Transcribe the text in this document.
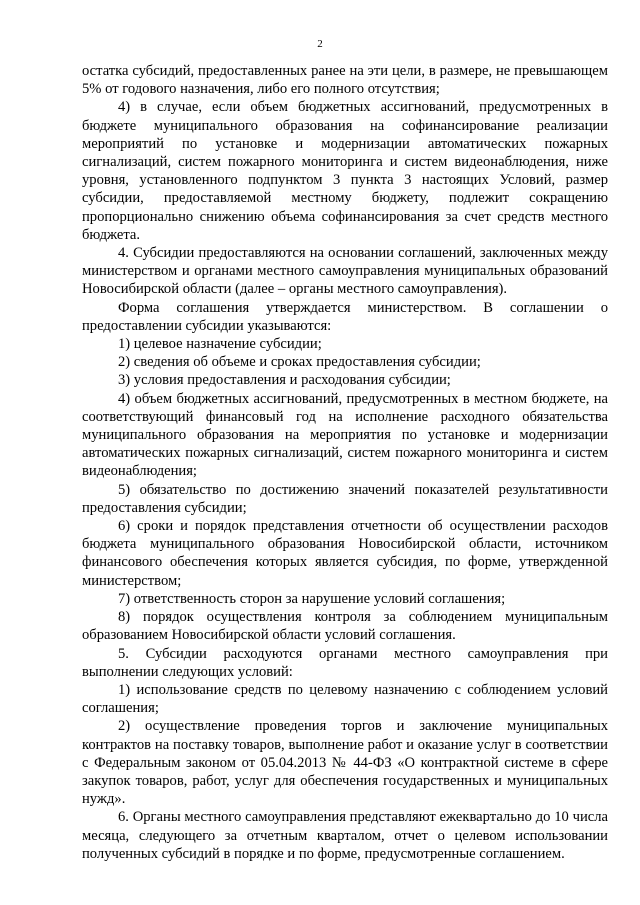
2

остатка субсидий, предоставленных ранее на эти цели, в размере, не превышающем 5% от годового назначения, либо его полного отсутствия;

4) в случае, если объем бюджетных ассигнований, предусмотренных в бюджете муниципального образования на софинансирование реализации мероприятий по установке и модернизации автоматических пожарных сигнализаций, систем пожарного мониторинга и систем видеонаблюдения, ниже уровня, установленного подпунктом 3 пункта 3 настоящих Условий, размер субсидии, предоставляемой местному бюджету, подлежит сокращению пропорционально снижению объема софинансирования за счет средств местного бюджета.

4. Субсидии предоставляются на основании соглашений, заключенных между министерством и органами местного самоуправления муниципальных образований Новосибирской области (далее – органы местного самоуправления).

Форма соглашения утверждается министерством. В соглашении о предоставлении субсидии указываются:

1) целевое назначение субсидии;

2) сведения об объеме и сроках предоставления субсидии;

3) условия предоставления и расходования субсидии;

4) объем бюджетных ассигнований, предусмотренных в местном бюджете, на соответствующий финансовый год на исполнение расходного обязательства муниципального образования на мероприятия по установке и модернизации автоматических пожарных сигнализаций, систем пожарного мониторинга и систем видеонаблюдения;

5) обязательство по достижению значений показателей результативности предоставления субсидии;

6) сроки и порядок представления отчетности об осуществлении расходов бюджета муниципального образования Новосибирской области, источником финансового обеспечения которых является субсидия, по форме, утвержденной министерством;

7) ответственность сторон за нарушение условий соглашения;

8) порядок осуществления контроля за соблюдением муниципальным образованием Новосибирской области условий соглашения.

5. Субсидии расходуются органами местного самоуправления при выполнении следующих условий:

1) использование средств по целевому назначению с соблюдением условий соглашения;

2) осуществление проведения торгов и заключение муниципальных контрактов на поставку товаров, выполнение работ и оказание услуг в соответствии с Федеральным законом от 05.04.2013 № 44-ФЗ «О контрактной системе в сфере закупок товаров, работ, услуг для обеспечения государственных и муниципальных нужд».

6. Органы местного самоуправления представляют ежеквартально до 10 числа месяца, следующего за отчетным кварталом, отчет о целевом использовании полученных субсидий в порядке и по форме, предусмотренные соглашением.
